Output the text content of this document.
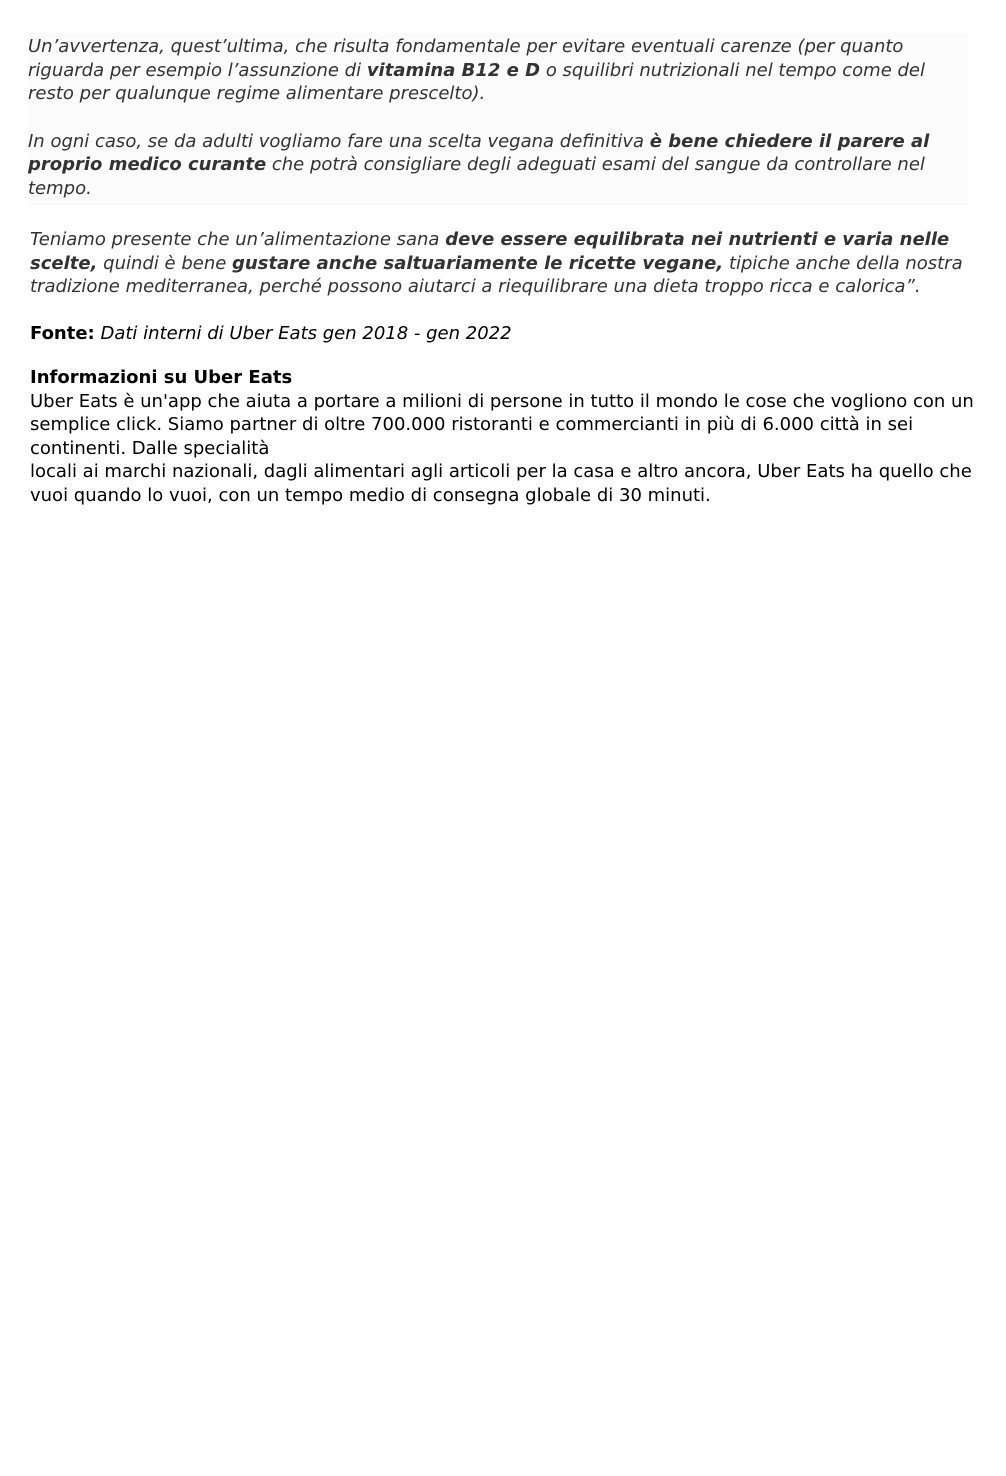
Un’avvertenza, quest’ultima, che risulta fondamentale per evitare eventuali carenze (per quanto riguarda per esempio l’assunzione di vitamina B12 e D o squilibri nutrizionali nel tempo come del resto per qualunque regime alimentare prescelto).

In ogni caso, se da adulti vogliamo fare una scelta vegana definitiva è bene chiedere il parere al proprio medico curante che potrà consigliare degli adeguati esami del sangue da controllare nel tempo.

Teniamo presente che un’alimentazione sana deve essere equilibrata nei nutrienti e varia nelle scelte, quindi è bene gustare anche saltuariamente le ricette vegane, tipiche anche della nostra tradizione mediterranea, perché possono aiutarci a riequilibrare una dieta troppo ricca e calorica”.

Fonte: Dati interni di Uber Eats gen 2018 - gen 2022

Informazioni su Uber Eats

Uber Eats è un'app che aiuta a portare a milioni di persone in tutto il mondo le cose che vogliono con un semplice click. Siamo partner di oltre 700.000 ristoranti e commercianti in più di 6.000 città in sei continenti. Dalle specialità
locali ai marchi nazionali, dagli alimentari agli articoli per la casa e altro ancora, Uber Eats ha quello che vuoi quando lo vuoi, con un tempo medio di consegna globale di 30 minuti.
